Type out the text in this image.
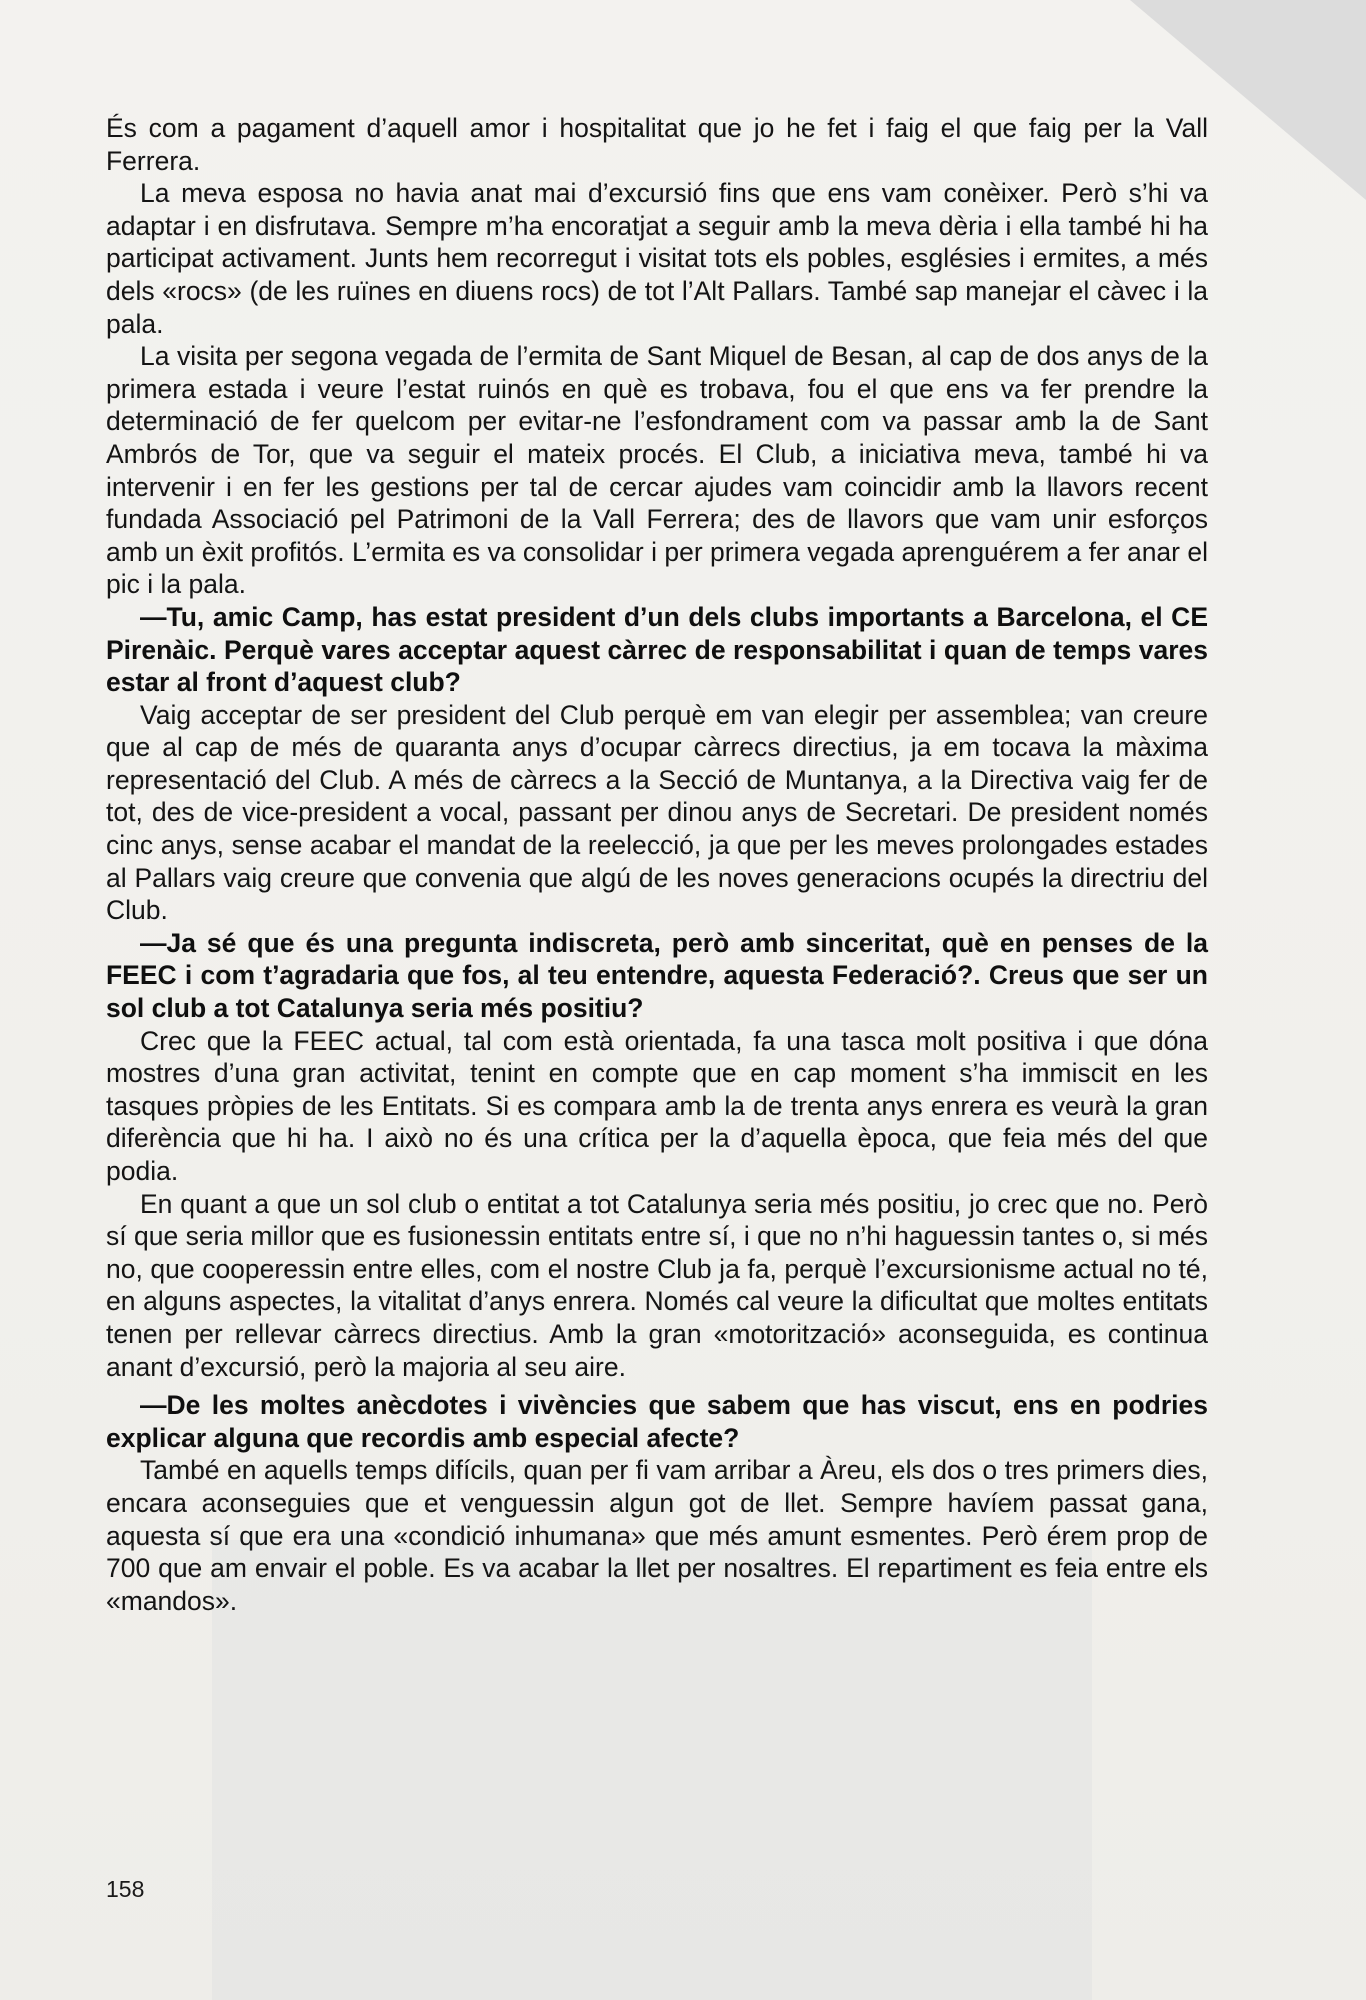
És com a pagament d’aquell amor i hospitalitat que jo he fet i faig el que faig per la Vall Ferrera.

La meva esposa no havia anat mai d’excursió fins que ens vam conèixer. Però s’hi va adaptar i en disfrutava. Sempre m’ha encoratjat a seguir amb la meva dèria i ella també hi ha participat activament. Junts hem recorregut i visitat tots els pobles, esglésies i ermites, a més dels «rocs» (de les ruïnes en diuens rocs) de tot l’Alt Pallars. També sap manejar el càvec i la pala.

La visita per segona vegada de l’ermita de Sant Miquel de Besan, al cap de dos anys de la primera estada i veure l’estat ruinós en què es trobava, fou el que ens va fer prendre la determinació de fer quelcom per evitar-ne l’esfondrament com va passar amb la de Sant Ambrós de Tor, que va seguir el mateix procés. El Club, a iniciativa meva, també hi va intervenir i en fer les gestions per tal de cercar ajudes vam coincidir amb la llavors recent fundada Associació pel Patrimoni de la Vall Ferrera; des de llavors que vam unir esforços amb un èxit profitós. L’ermita es va consolidar i per primera vegada aprenguérem a fer anar el pic i la pala.

—Tu, amic Camp, has estat president d’un dels clubs importants a Barcelona, el CE Pirenàic. Perquè vares acceptar aquest càrrec de responsabilitat i quan de temps vares estar al front d’aquest club?

Vaig acceptar de ser president del Club perquè em van elegir per assemblea; van creure que al cap de més de quaranta anys d’ocupar càrrecs directius, ja em tocava la màxima representació del Club. A més de càrrecs a la Secció de Muntanya, a la Directiva vaig fer de tot, des de vice-president a vocal, passant per dinou anys de Secretari. De president només cinc anys, sense acabar el mandat de la reelecció, ja que per les meves prolongades estades al Pallars vaig creure que convenia que algú de les noves generacions ocupés la directriu del Club.

—Ja sé que és una pregunta indiscreta, però amb sinceritat, què en penses de la FEEC i com t’agradaria que fos, al teu entendre, aquesta Federació?. Creus que ser un sol club a tot Catalunya seria més positiu?

Crec que la FEEC actual, tal com està orientada, fa una tasca molt positiva i que dóna mostres d’una gran activitat, tenint en compte que en cap moment s’ha immiscit en les tasques pròpies de les Entitats. Si es compara amb la de trenta anys enrera es veurà la gran diferència que hi ha. I això no és una crítica per la d’aquella època, que feia més del que podia.

En quant a que un sol club o entitat a tot Catalunya seria més positiu, jo crec que no. Però sí que seria millor que es fusionessin entitats entre sí, i que no n’hi haguessin tantes o, si més no, que cooperessin entre elles, com el nostre Club ja fa, perquè l’excursionisme actual no té, en alguns aspectes, la vitalitat d’anys enrera. Només cal veure la dificultat que moltes entitats tenen per rellevar càrrecs directius. Amb la gran «motorització» aconseguida, es continua anant d’excursió, però la majoria al seu aire.

—De les moltes anècdotes i vivències que sabem que has viscut, ens en podries explicar alguna que recordis amb especial afecte?

També en aquells temps difícils, quan per fi vam arribar a Àreu, els dos o tres primers dies, encara aconseguies que et venguessin algun got de llet. Sempre havíem passat gana, aquesta sí que era una «condició inhumana» que més amunt esmentes. Però érem prop de 700 que am envair el poble. Es va acabar la llet per nosaltres. El repartiment es feia entre els «mandos».

158
